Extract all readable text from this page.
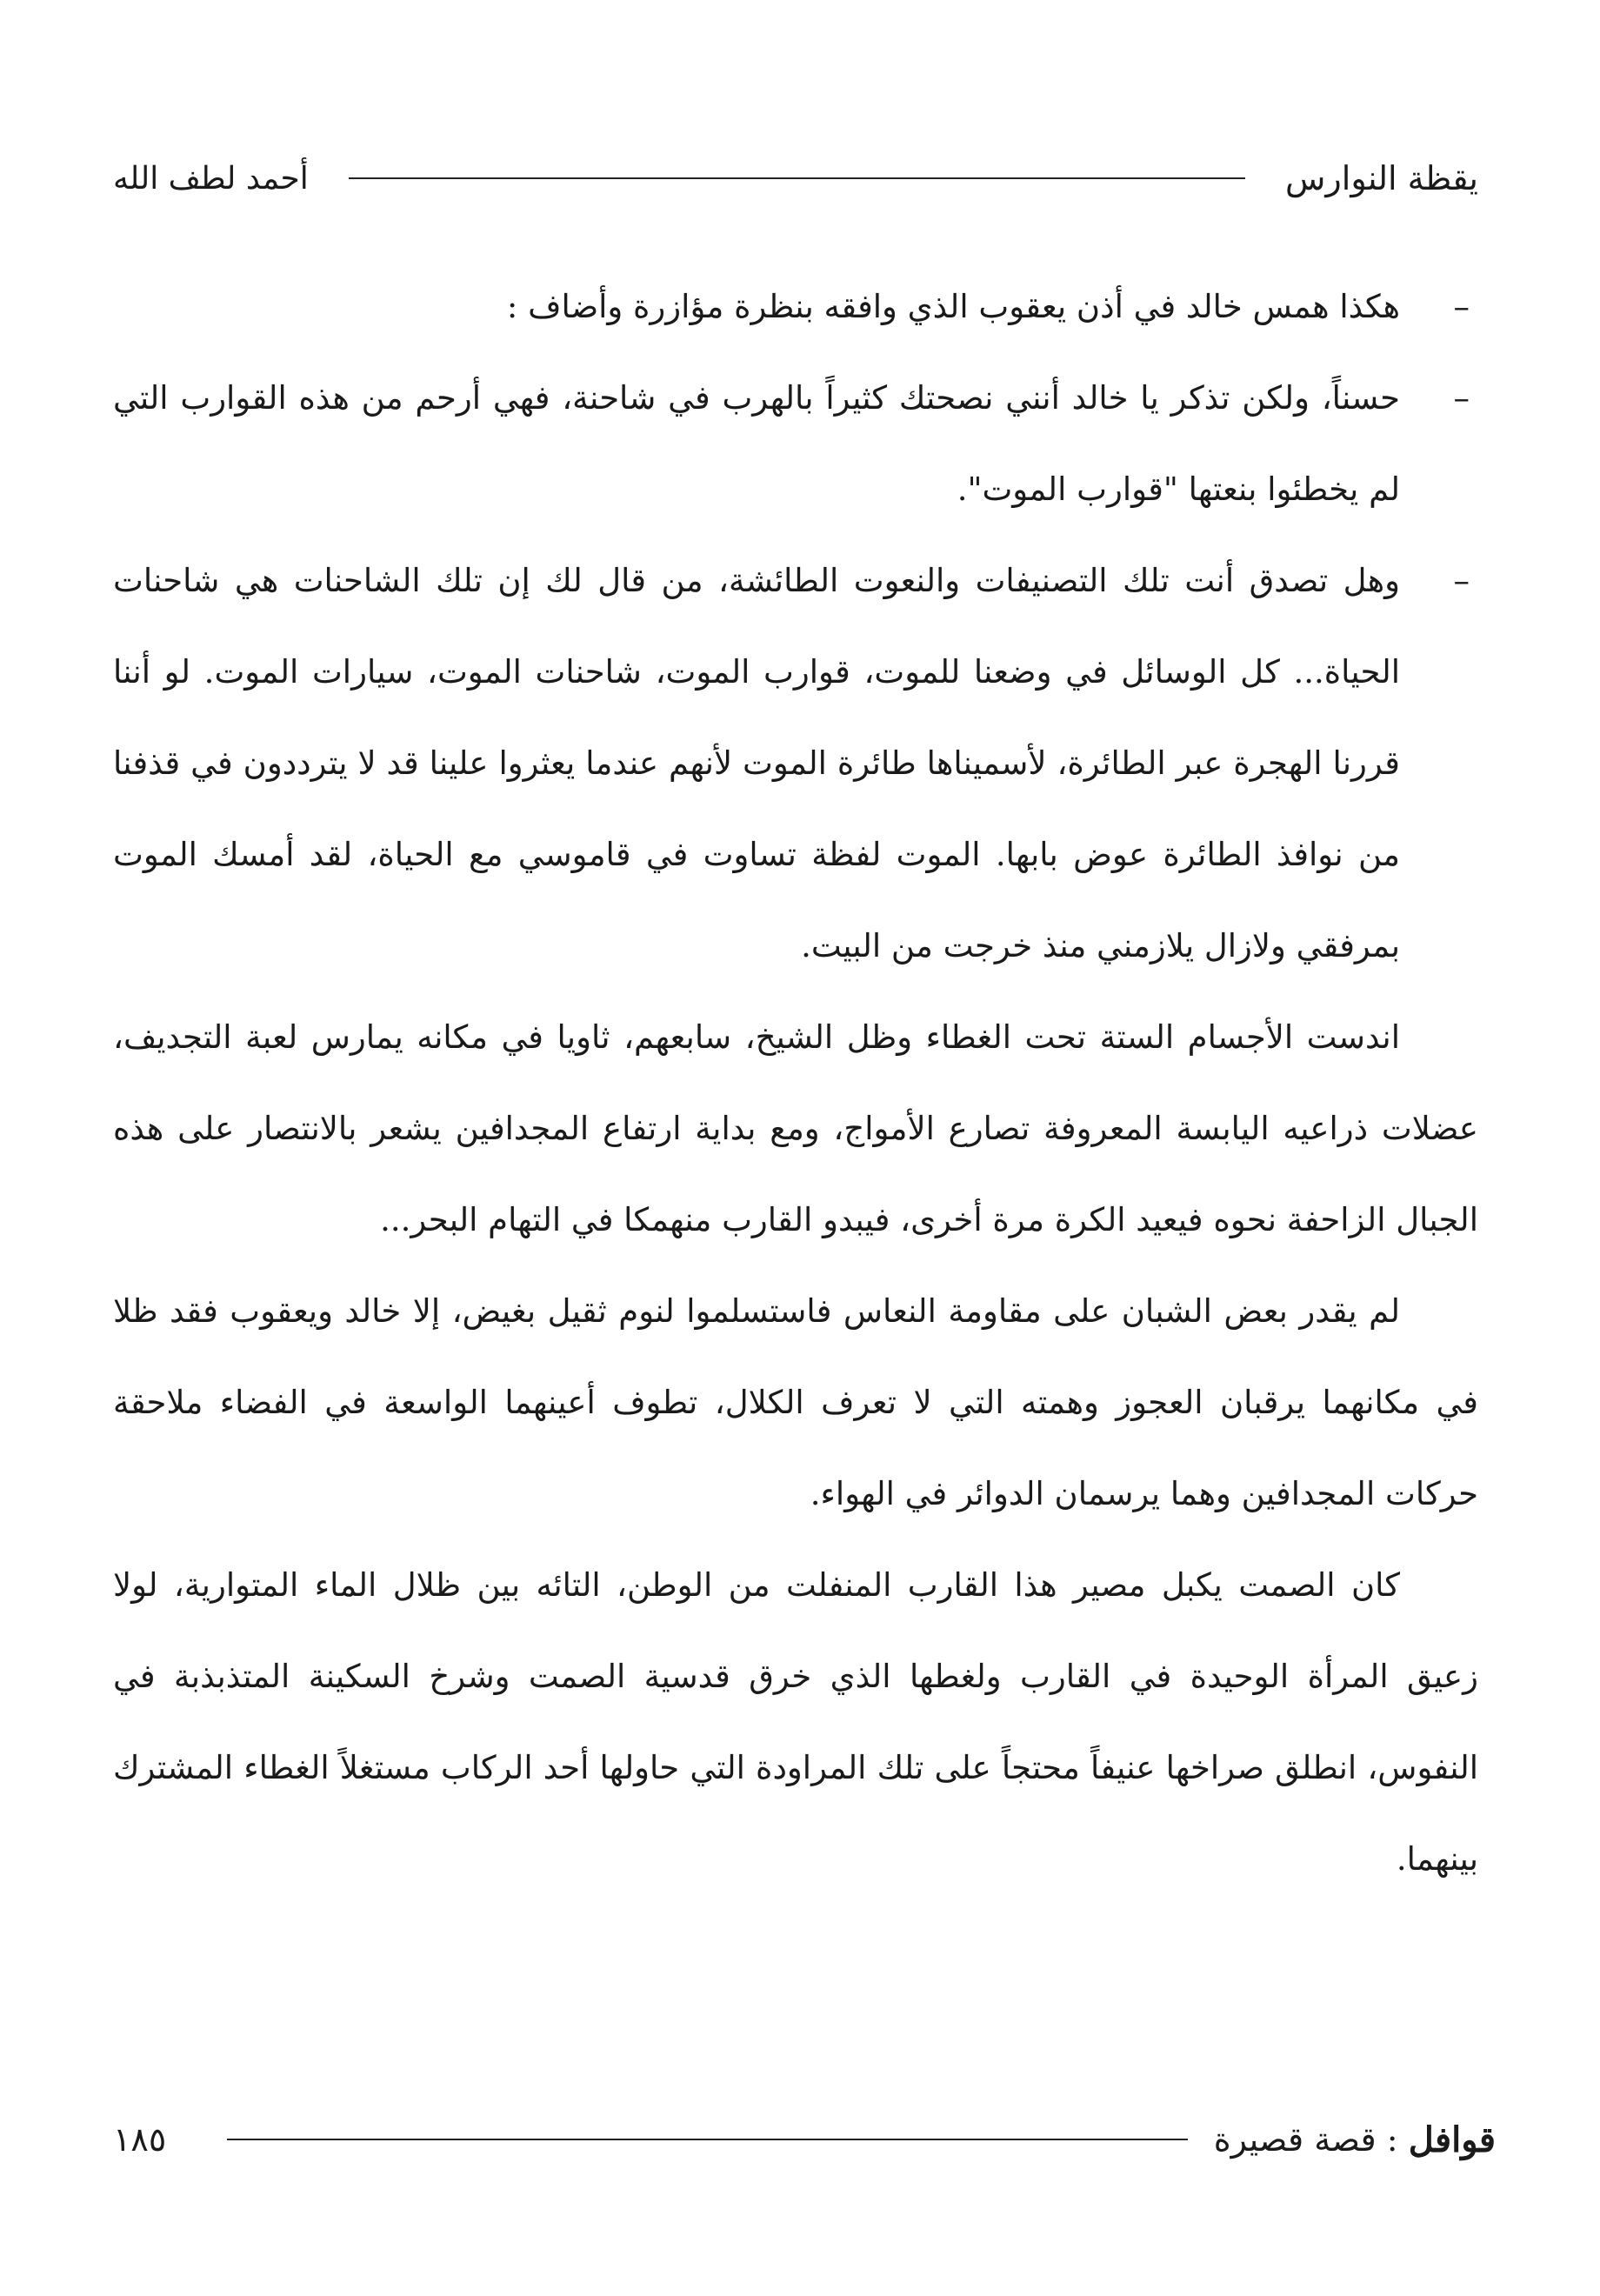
يقظة النوارس
أحمد لطف الله

–
هكذا همس خالد في أذن يعقوب الذي وافقه بنظرة مؤازرة وأضاف :

–
حسناً، ولكن تذكر يا خالد أنني نصحتك كثيراً بالهرب في شاحنة، فهي أرحم من هذه القوارب التي لم يخطئوا بنعتها "قوارب الموت".

–
وهل تصدق أنت تلك التصنيفات والنعوت الطائشة، من قال لك إن تلك الشاحنات هي شاحنات الحياة... كل الوسائل في وضعنا للموت، قوارب الموت، شاحنات الموت، سيارات الموت. لو أننا قررنا الهجرة عبر الطائرة، لأسميناها طائرة الموت لأنهم عندما يعثروا علينا قد لا يترددون في قذفنا من نوافذ الطائرة عوض بابها. الموت لفظة تساوت في قاموسي مع الحياة، لقد أمسك الموت بمرفقي ولازال يلازمني منذ خرجت من البيت.

اندست الأجسام الستة تحت الغطاء وظل الشيخ، سابعهم، ثاويا في مكانه يمارس لعبة التجديف، عضلات ذراعيه اليابسة المعروفة تصارع الأمواج، ومع بداية ارتفاع المجدافين يشعر بالانتصار على هذه الجبال الزاحفة نحوه فيعيد الكرة مرة أخرى، فيبدو القارب منهمكا في التهام البحر...

لم يقدر بعض الشبان على مقاومة النعاس فاستسلموا لنوم ثقيل بغيض، إلا خالد ويعقوب فقد ظلا في مكانهما يرقبان العجوز وهمته التي لا تعرف الكلال، تطوف أعينهما الواسعة في الفضاء ملاحقة حركات المجدافين وهما يرسمان الدوائر في الهواء.

كان الصمت يكبل مصير هذا القارب المنفلت من الوطن، التائه بين ظلال الماء المتوارية، لولا زعيق المرأة الوحيدة في القارب ولغطها الذي خرق قدسية الصمت وشرخ السكينة المتذبذبة في النفوس، انطلق صراخها عنيفاً محتجاً على تلك المراودة التي حاولها أحد الركاب مستغلاً الغطاء المشترك بينهما.

قوافل
:
قصة قصيرة
١٨٥
